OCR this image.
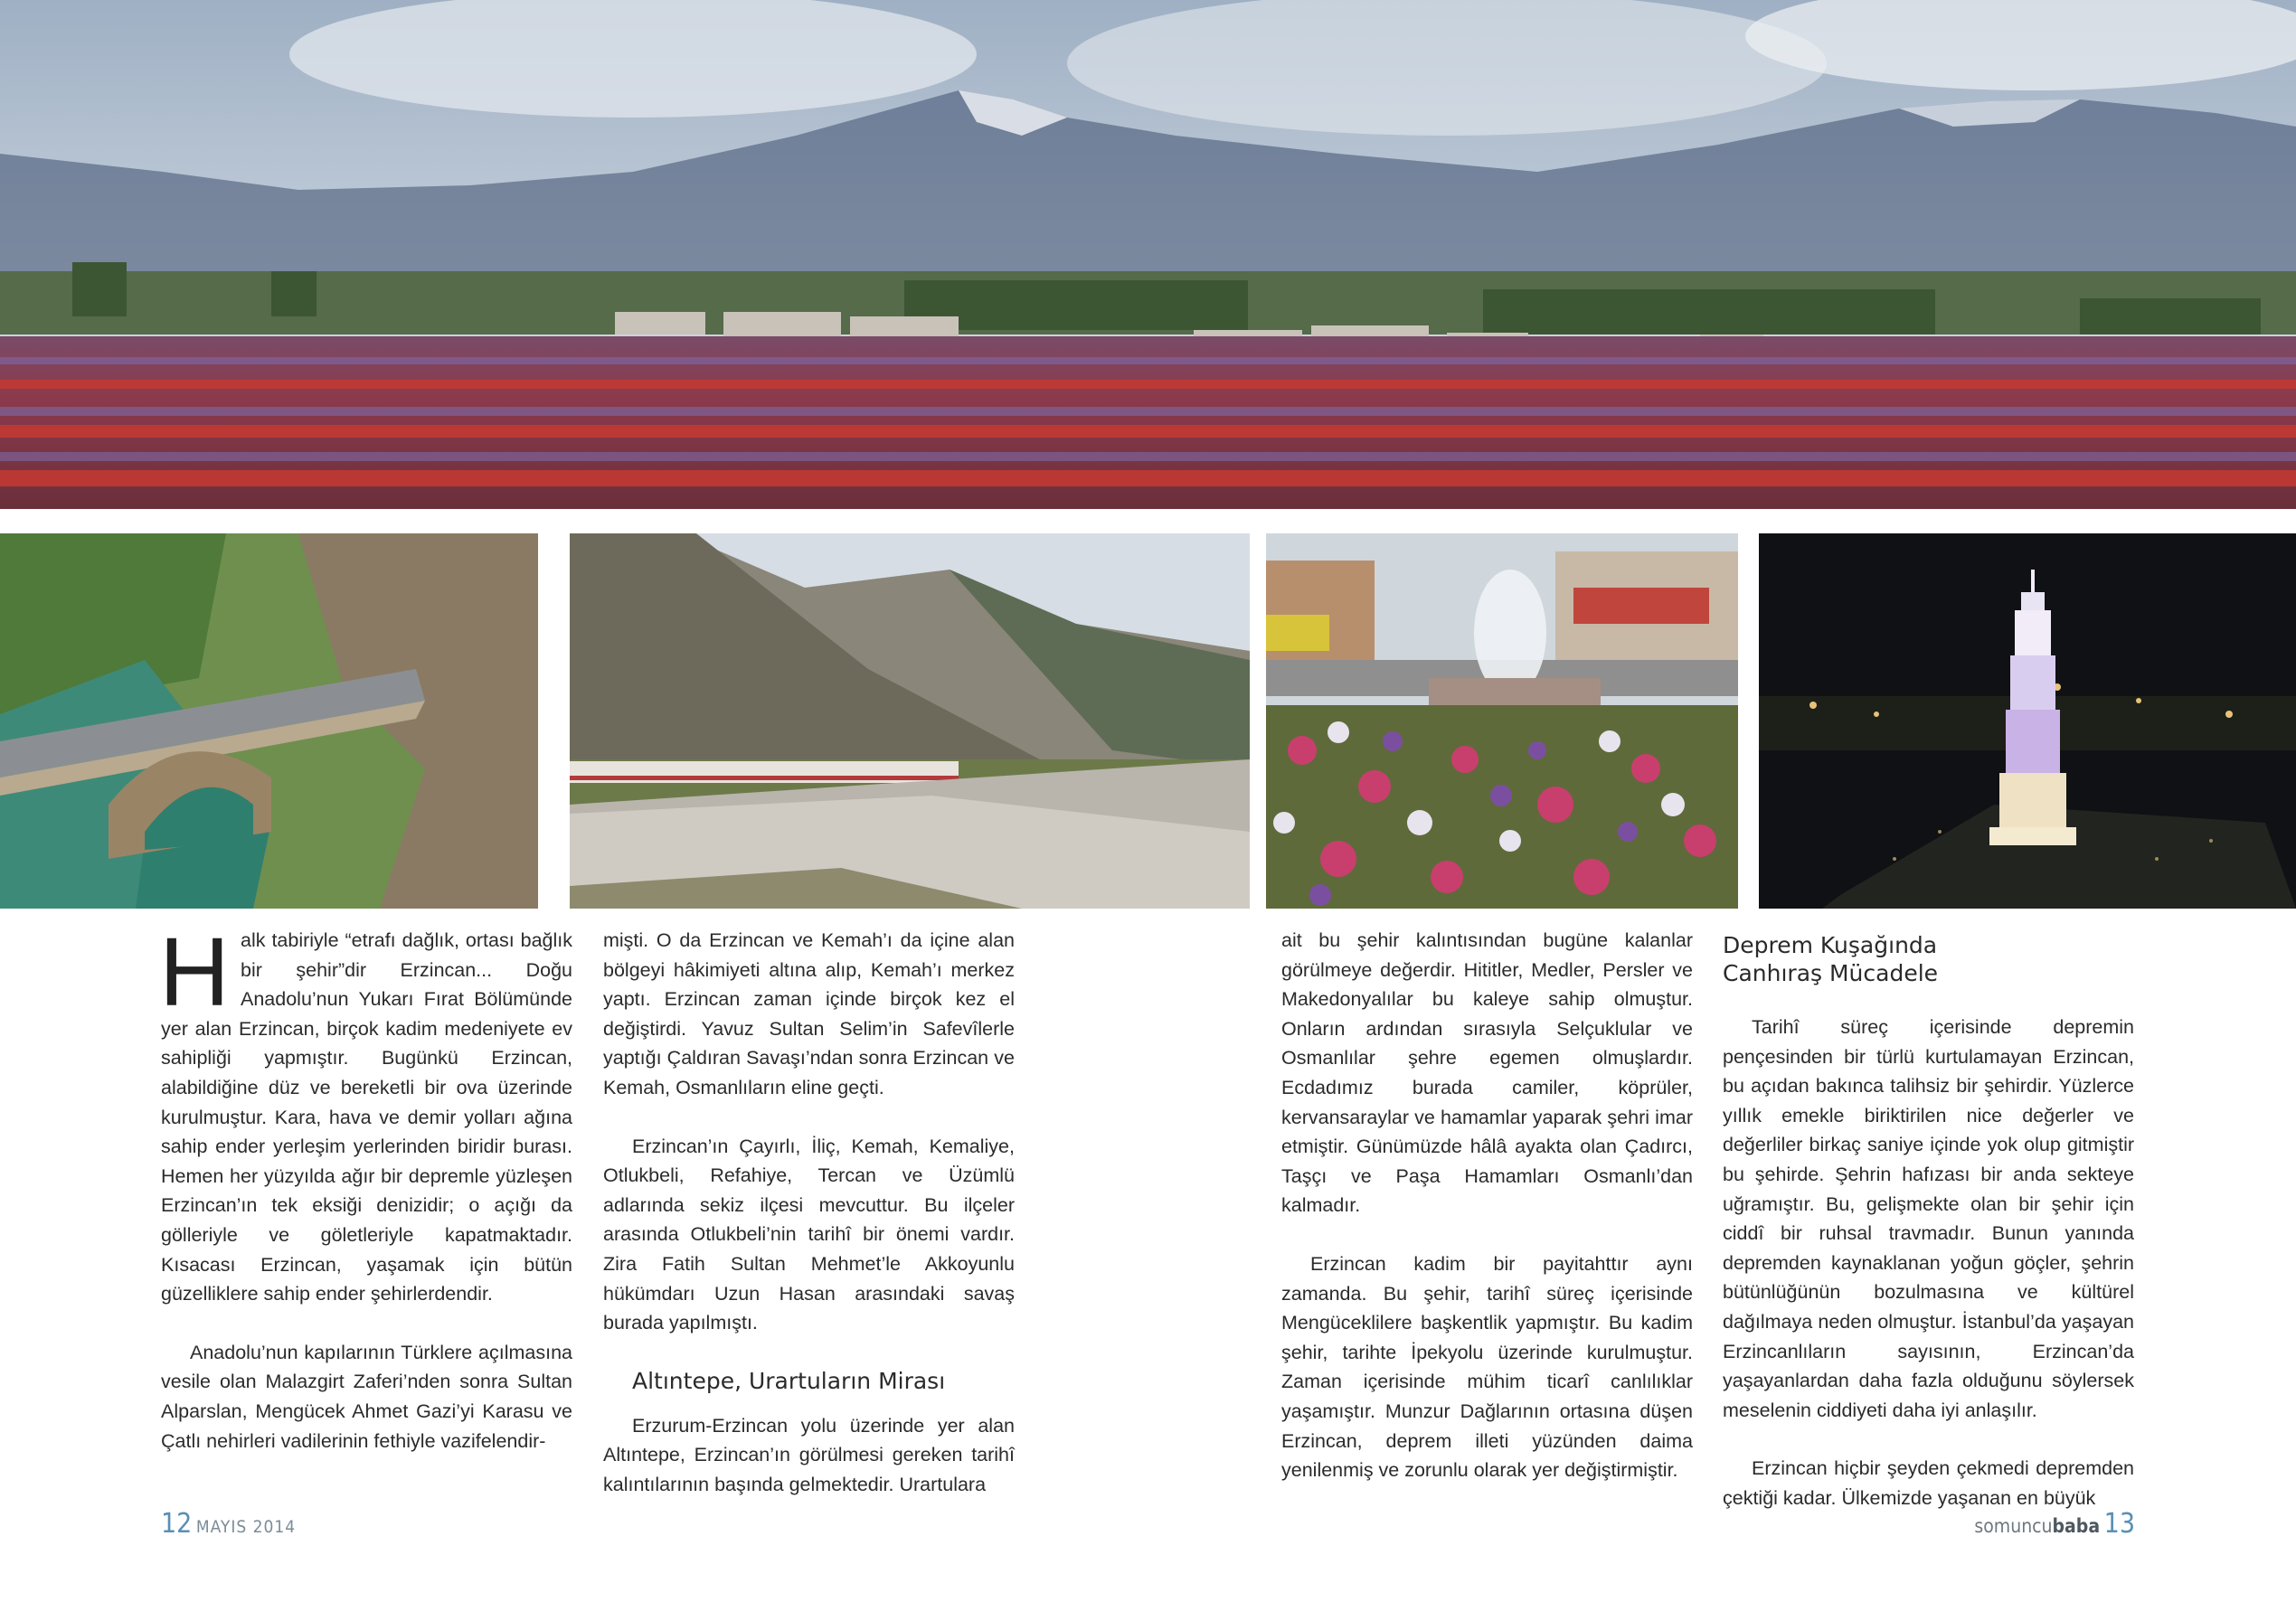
Halk tabiriyle “etrafı dağlık, ortası bağlık bir şehir”dir Erzincan... Doğu Anadolu’nun Yukarı Fırat Bölümünde yer alan Erzincan, birçok kadim medeniyete ev sahipliği yapmıştır. Bugünkü Erzincan, alabildiğine düz ve bereketli bir ova üzerinde kurulmuştur. Kara, hava ve demir yolları ağına sahip ender yerleşim yerlerinden biridir burası. Hemen her yüzyılda ağır bir depremle yüzleşen Erzincan’ın tek eksiği denizidir; o açığı da göllеriyle ve göletleriyle kapatmaktadır. Kısacası Erzincan, yaşamak için bütün güzelliklere sahip ender şehirlerdendir.

Anadolu’nun kapılarının Türklere açılmasına vesile olan Malazgirt Zaferi’nden sonra Sultan Alparslan, Mengücek Ahmet Gazi’yi Karasu ve Çatlı nehirleri vadilerinin fethiyle vazifelendir-

mişti. O da Erzincan ve Kemah’ı da içine alan bölgeyi hâkimiyeti altına alıp, Kemah’ı merkez yaptı. Erzincan zaman içinde birçok kez el değiştirdi. Yavuz Sultan Selim’in Safevîlerle yaptığı Çaldıran Savaşı’ndan sonra Erzincan ve Kemah, Osmanlıların eline geçti.

Erzincan’ın Çayırlı, İliç, Kemah, Kemaliye, Otlukbeli, Refahiye, Tercan ve Üzümlü adlarında sekiz ilçesi mevcuttur. Bu ilçeler arasında Otlukbeli’nin tarihî bir önemi vardır. Zira Fatih Sultan Mehmet’le Akkoyunlu hükümdarı Uzun Hasan arasındaki savaş burada yapılmıştı.

Altıntepe, Urartuların Mirası

Erzurum-Erzincan yolu üzerinde yer alan Altıntepe, Erzincan’ın görülmesi gereken tarihî kalıntılarının başında gelmektedir. Urartulara

ait bu şehir kalıntısından bugüne kalanlar görülmeye değerdir. Hititler, Medler, Persler ve Makedonyalılar bu kaleye sahip olmuştur. Onların ardından sırasıyla Selçuklular ve Osmanlılar şehre egemen olmuşlardır. Ecdadımız burada camiler, köprüler, kervansaraylar ve hamamlar yaparak şehri imar etmiştir. Günümüzde hâlâ ayakta olan Çadırcı, Taşçı ve Paşa Hamamları Osmanlı’dan kalmadır.

Erzincan kadim bir payitahttır aynı zamanda. Bu şehir, tarihî süreç içerisinde Mengüceklilere başkentlik yapmıştır. Bu kadim şehir, tarihte İpekyolu üzerinde kurulmuştur. Zaman içerisinde mühim ticarî canlılıklar yaşamıştır. Munzur Dağlarının ortasına düşen Erzincan, deprem illeti yüzünden daima yenilenmiş ve zorunlu olarak yer değiştirmiştir.

Deprem Kuşağında
Canhıraş Mücadele

Tarihî süreç içerisinde depremin pençesinden bir türlü kurtulamayan Erzincan, bu açıdan bakınca talihsiz bir şehirdir. Yüzlerce yıllık emekle biriktirilen nice değerler ve değerliler birkaç saniye içinde yok olup gitmiştir bu şehirde. Şehrin hafızası bir anda sekteye uğramıştır. Bu, gelişmekte olan bir şehir için ciddî bir ruhsal travmadır. Bunun yanında depremden kaynaklanan yoğun göçler, şehrin bütünlüğünün bozulmasına ve kültürel dağılmaya neden olmuştur. İstanbul’da yaşayan Erzincanlıların sayısının, Erzincan’da yaşayanlardan daha fazla olduğunu söylersek meselenin ciddiyeti daha iyi anlaşılır.

Erzincan hiçbir şeyden çekmedi depremden çektiği kadar. Ülkemizde yaşanan en büyük

12 MAYIS 2014	somuncubaba 13
